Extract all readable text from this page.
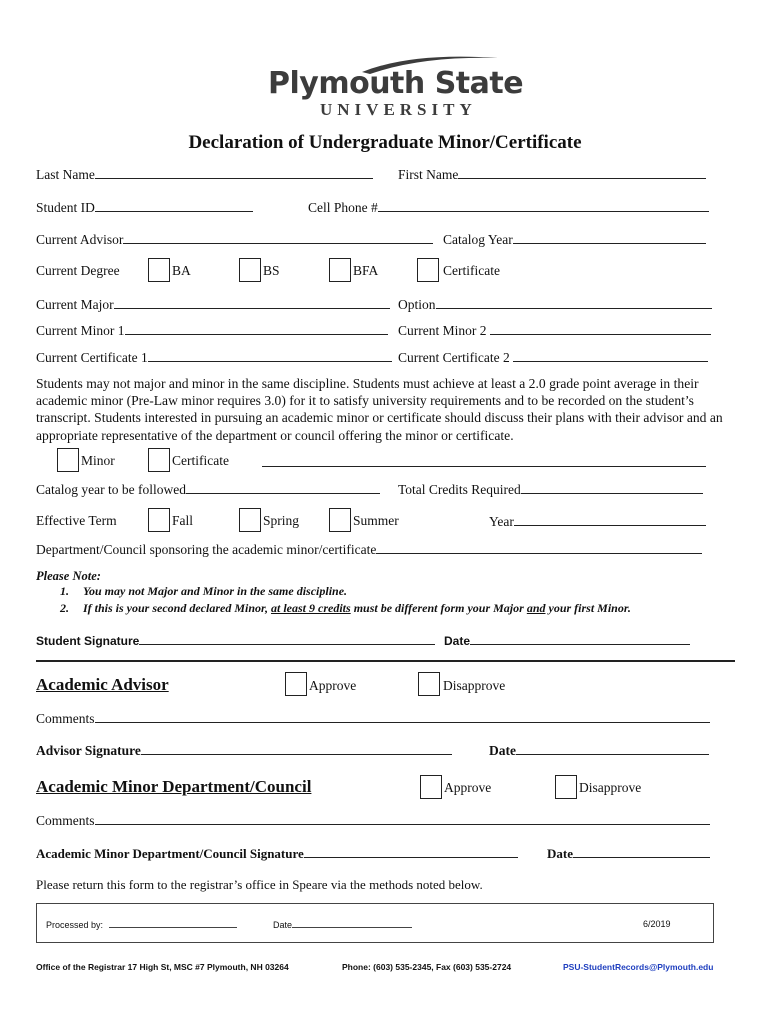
Plymouth State
UNIVERSITY
Declaration of Undergraduate Minor/Certificate
Last Name	First Name
Student ID	Cell Phone #
Current Advisor	Catalog Year
Current Degree	BA	BS	BFA	Certificate
Current Major	Option
Current Minor 1	Current Minor 2
Current Certificate 1	Current Certificate 2
Students may not major and minor in the same discipline. Students must achieve at least a 2.0 grade point average in their academic minor (Pre-Law minor requires 3.0) for it to satisfy university requirements and to be recorded on the student’s transcript. Students interested in pursuing an academic minor or certificate should discuss their plans with their advisor and an appropriate representative of the department or council offering the minor or certificate.
Minor	Certificate
Catalog year to be followed	Total Credits Required
Effective Term	Fall	Spring	Summer	Year
Department/Council sponsoring the academic minor/certificate
Please Note:
1. You may not Major and Minor in the same discipline.
2. If this is your second declared Minor, at least 9 credits must be different form your Major and your first Minor.
Student Signature	Date
Academic Advisor	Approve	Disapprove
Comments
Advisor Signature	Date
Academic Minor Department/Council	Approve	Disapprove
Comments
Academic Minor Department/Council Signature	Date
Please return this form to the registrar’s office in Speare via the methods noted below.
Processed by:	Date	6/2019
Office of the Registrar 17 High St, MSC #7 Plymouth, NH 03264	Phone: (603) 535-2345, Fax (603) 535-2724	PSU-StudentRecords@Plymouth.edu
